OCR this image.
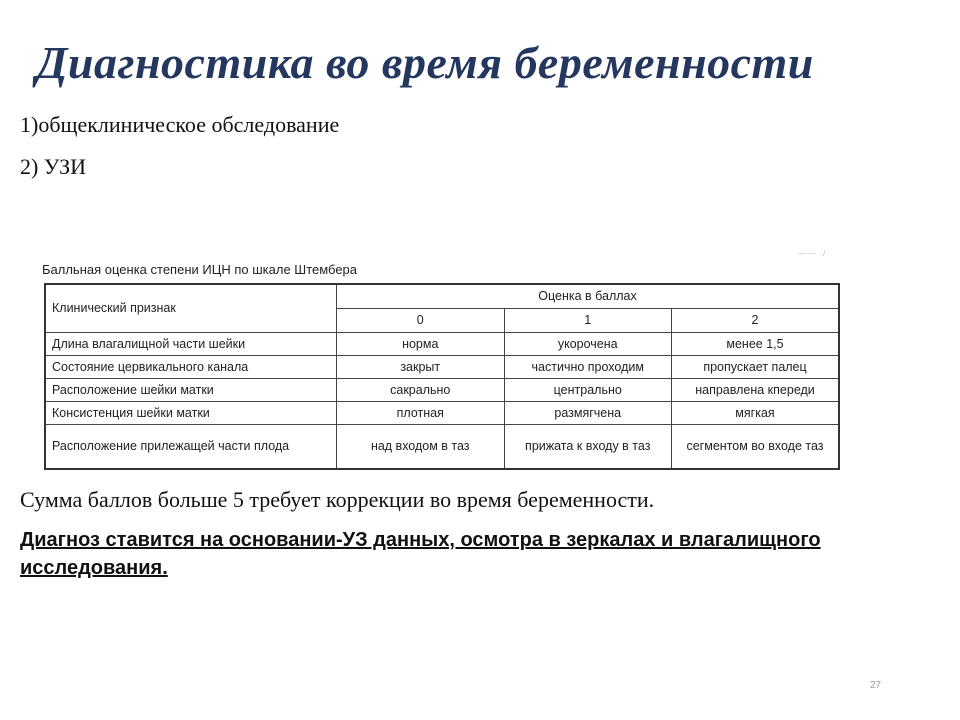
Диагностика во время беременности
1)общеклиническое обследование
2) УЗИ
—— ·/·
Балльная оценка степени ИЦН по шкале Штембера
Клинический признак	Оценка в баллах		
	0	1	2
Длина влагалищной части шейки	норма	укорочена	менее 1,5
Состояние цервикального канала	закрыт	частично проходим	пропускает палец
Расположение шейки матки	сакрально	центрально	направлена кпереди
Консистенция шейки матки	плотная	размягчена	мягкая
Расположение прилежащей части плода	над входом в таз	прижата к входу в таз	сегментом во входе таз
Сумма баллов больше 5 требует коррекции во время беременности.
Диагноз ставится на основании-УЗ данных, осмотра в зеркалах и влагалищного исследования.
27
